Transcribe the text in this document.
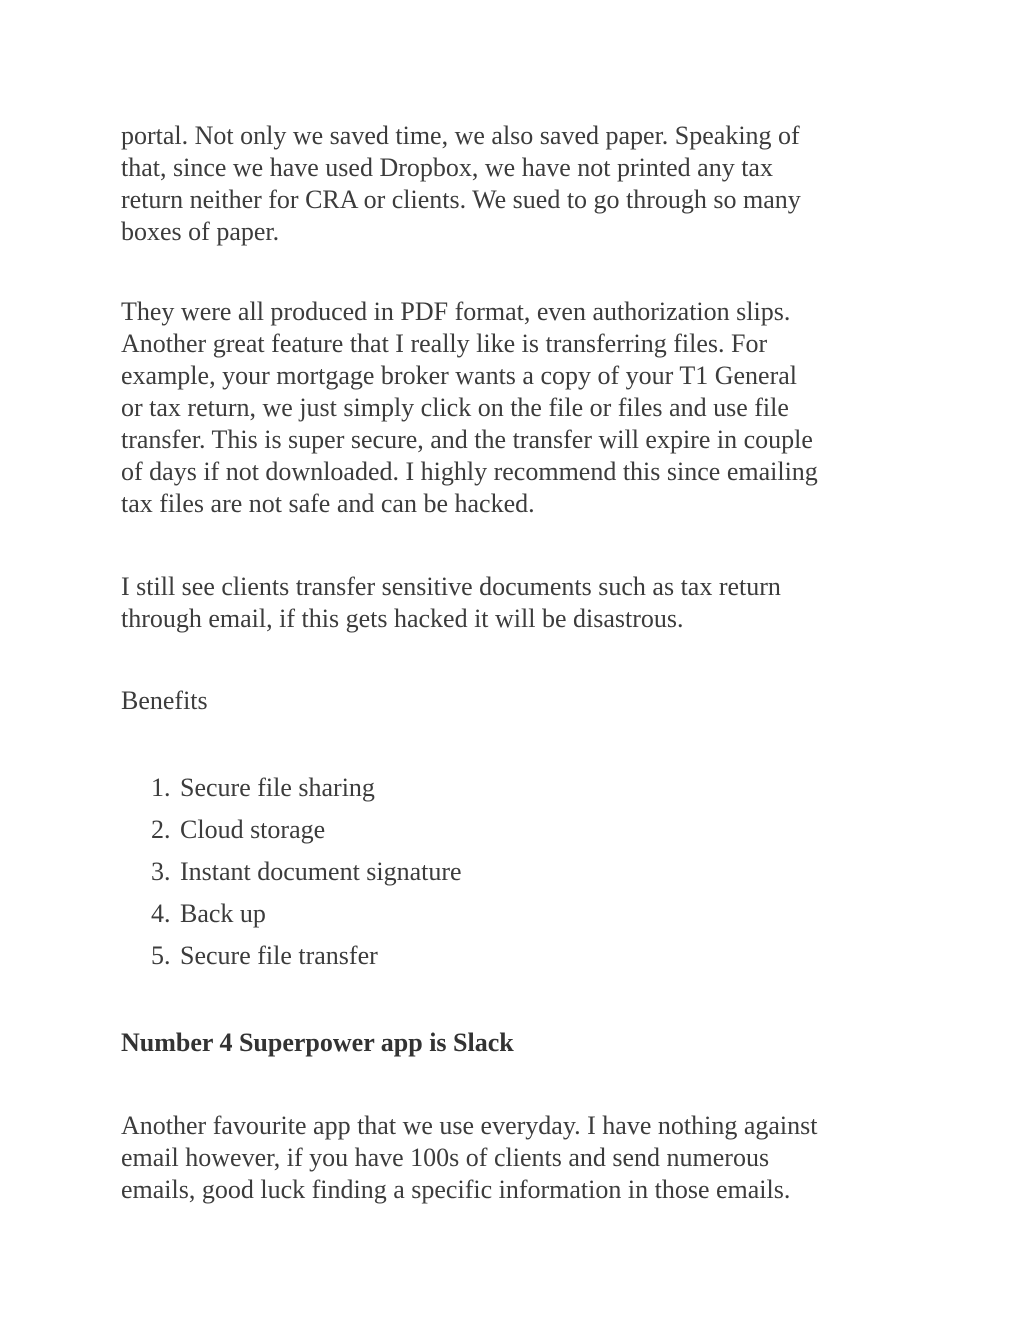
portal. Not only we saved time, we also saved paper. Speaking of
that, since we have used Dropbox, we have not printed any tax
return neither for CRA or clients. We sued to go through so many
boxes of paper.

They were all produced in PDF format, even authorization slips.
Another great feature that I really like is transferring files. For
example, your mortgage broker wants a copy of your T1 General
or tax return, we just simply click on the file or files and use file
transfer. This is super secure, and the transfer will expire in couple
of days if not downloaded. I highly recommend this since emailing
tax files are not safe and can be hacked.

I still see clients transfer sensitive documents such as tax return
through email, if this gets hacked it will be disastrous.

Benefits

1. Secure file sharing
2. Cloud storage
3. Instant document signature
4. Back up
5. Secure file transfer

Number 4 Superpower app is Slack

Another favourite app that we use everyday. I have nothing against
email however, if you have 100s of clients and send numerous
emails, good luck finding a specific information in those emails.
